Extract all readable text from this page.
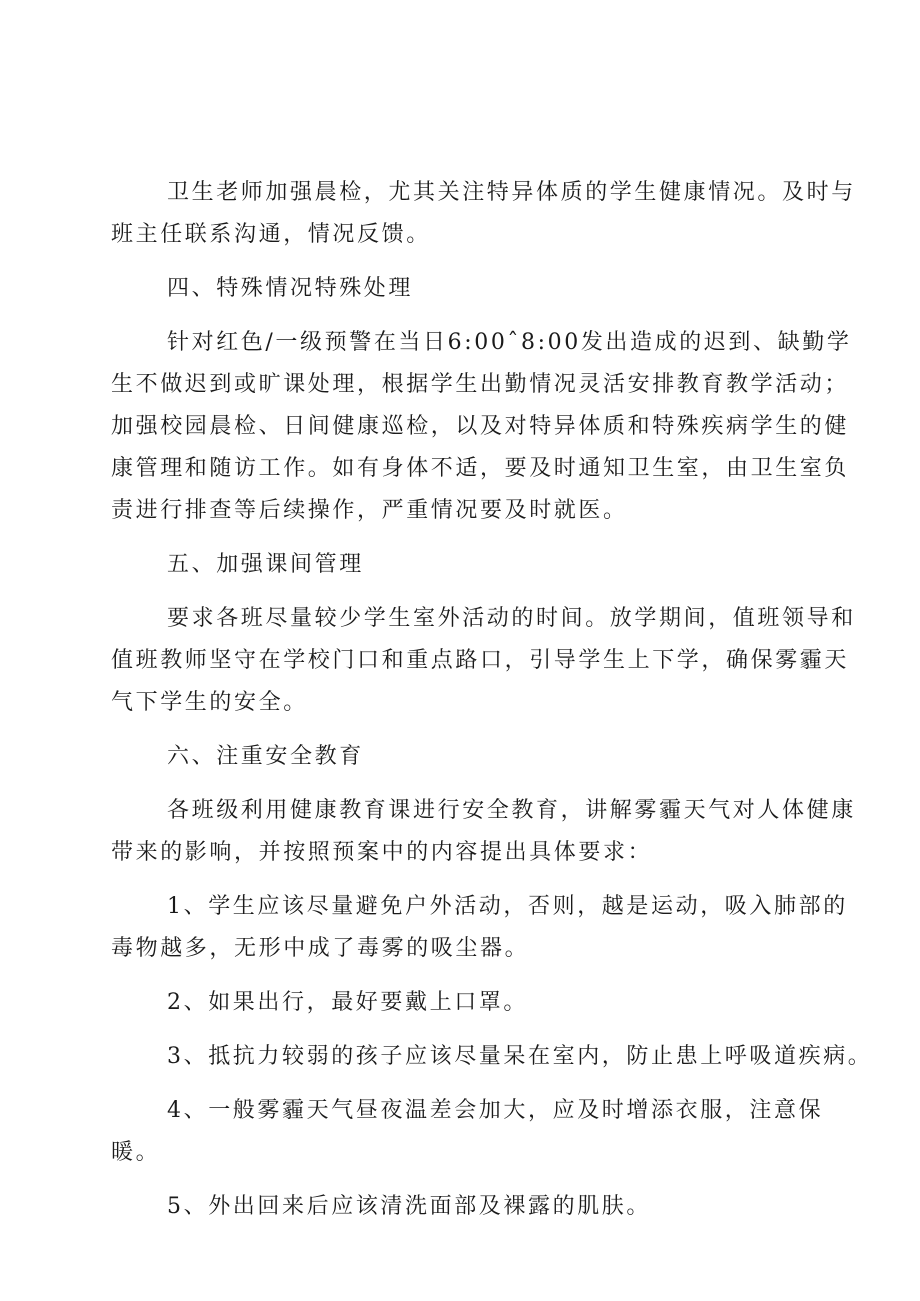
卫生老师加强晨检，尤其关注特异体质的学生健康情况。及时与
班主任联系沟通，情况反馈。
四、特殊情况特殊处理
针对红色/一级预警在当日6:00ˆ8:00发出造成的迟到、缺勤学
生不做迟到或旷课处理，根据学生出勤情况灵活安排教育教学活动；
加强校园晨检、日间健康巡检，以及对特异体质和特殊疾病学生的健
康管理和随访工作。如有身体不适，要及时通知卫生室，由卫生室负
责进行排查等后续操作，严重情况要及时就医。
五、加强课间管理
要求各班尽量较少学生室外活动的时间。放学期间，值班领导和
值班教师坚守在学校门口和重点路口，引导学生上下学，确保雾霾天
气下学生的安全。
六、注重安全教育
各班级利用健康教育课进行安全教育，讲解雾霾天气对人体健康
带来的影响，并按照预案中的内容提出具体要求：
1、学生应该尽量避免户外活动，否则，越是运动，吸入肺部的
毒物越多，无形中成了毒雾的吸尘器。
2、如果出行，最好要戴上口罩。
3、抵抗力较弱的孩子应该尽量呆在室内，防止患上呼吸道疾病。
4、一般雾霾天气昼夜温差会加大，应及时增添衣服，注意保
暖。
5、外出回来后应该清洗面部及裸露的肌肤。
